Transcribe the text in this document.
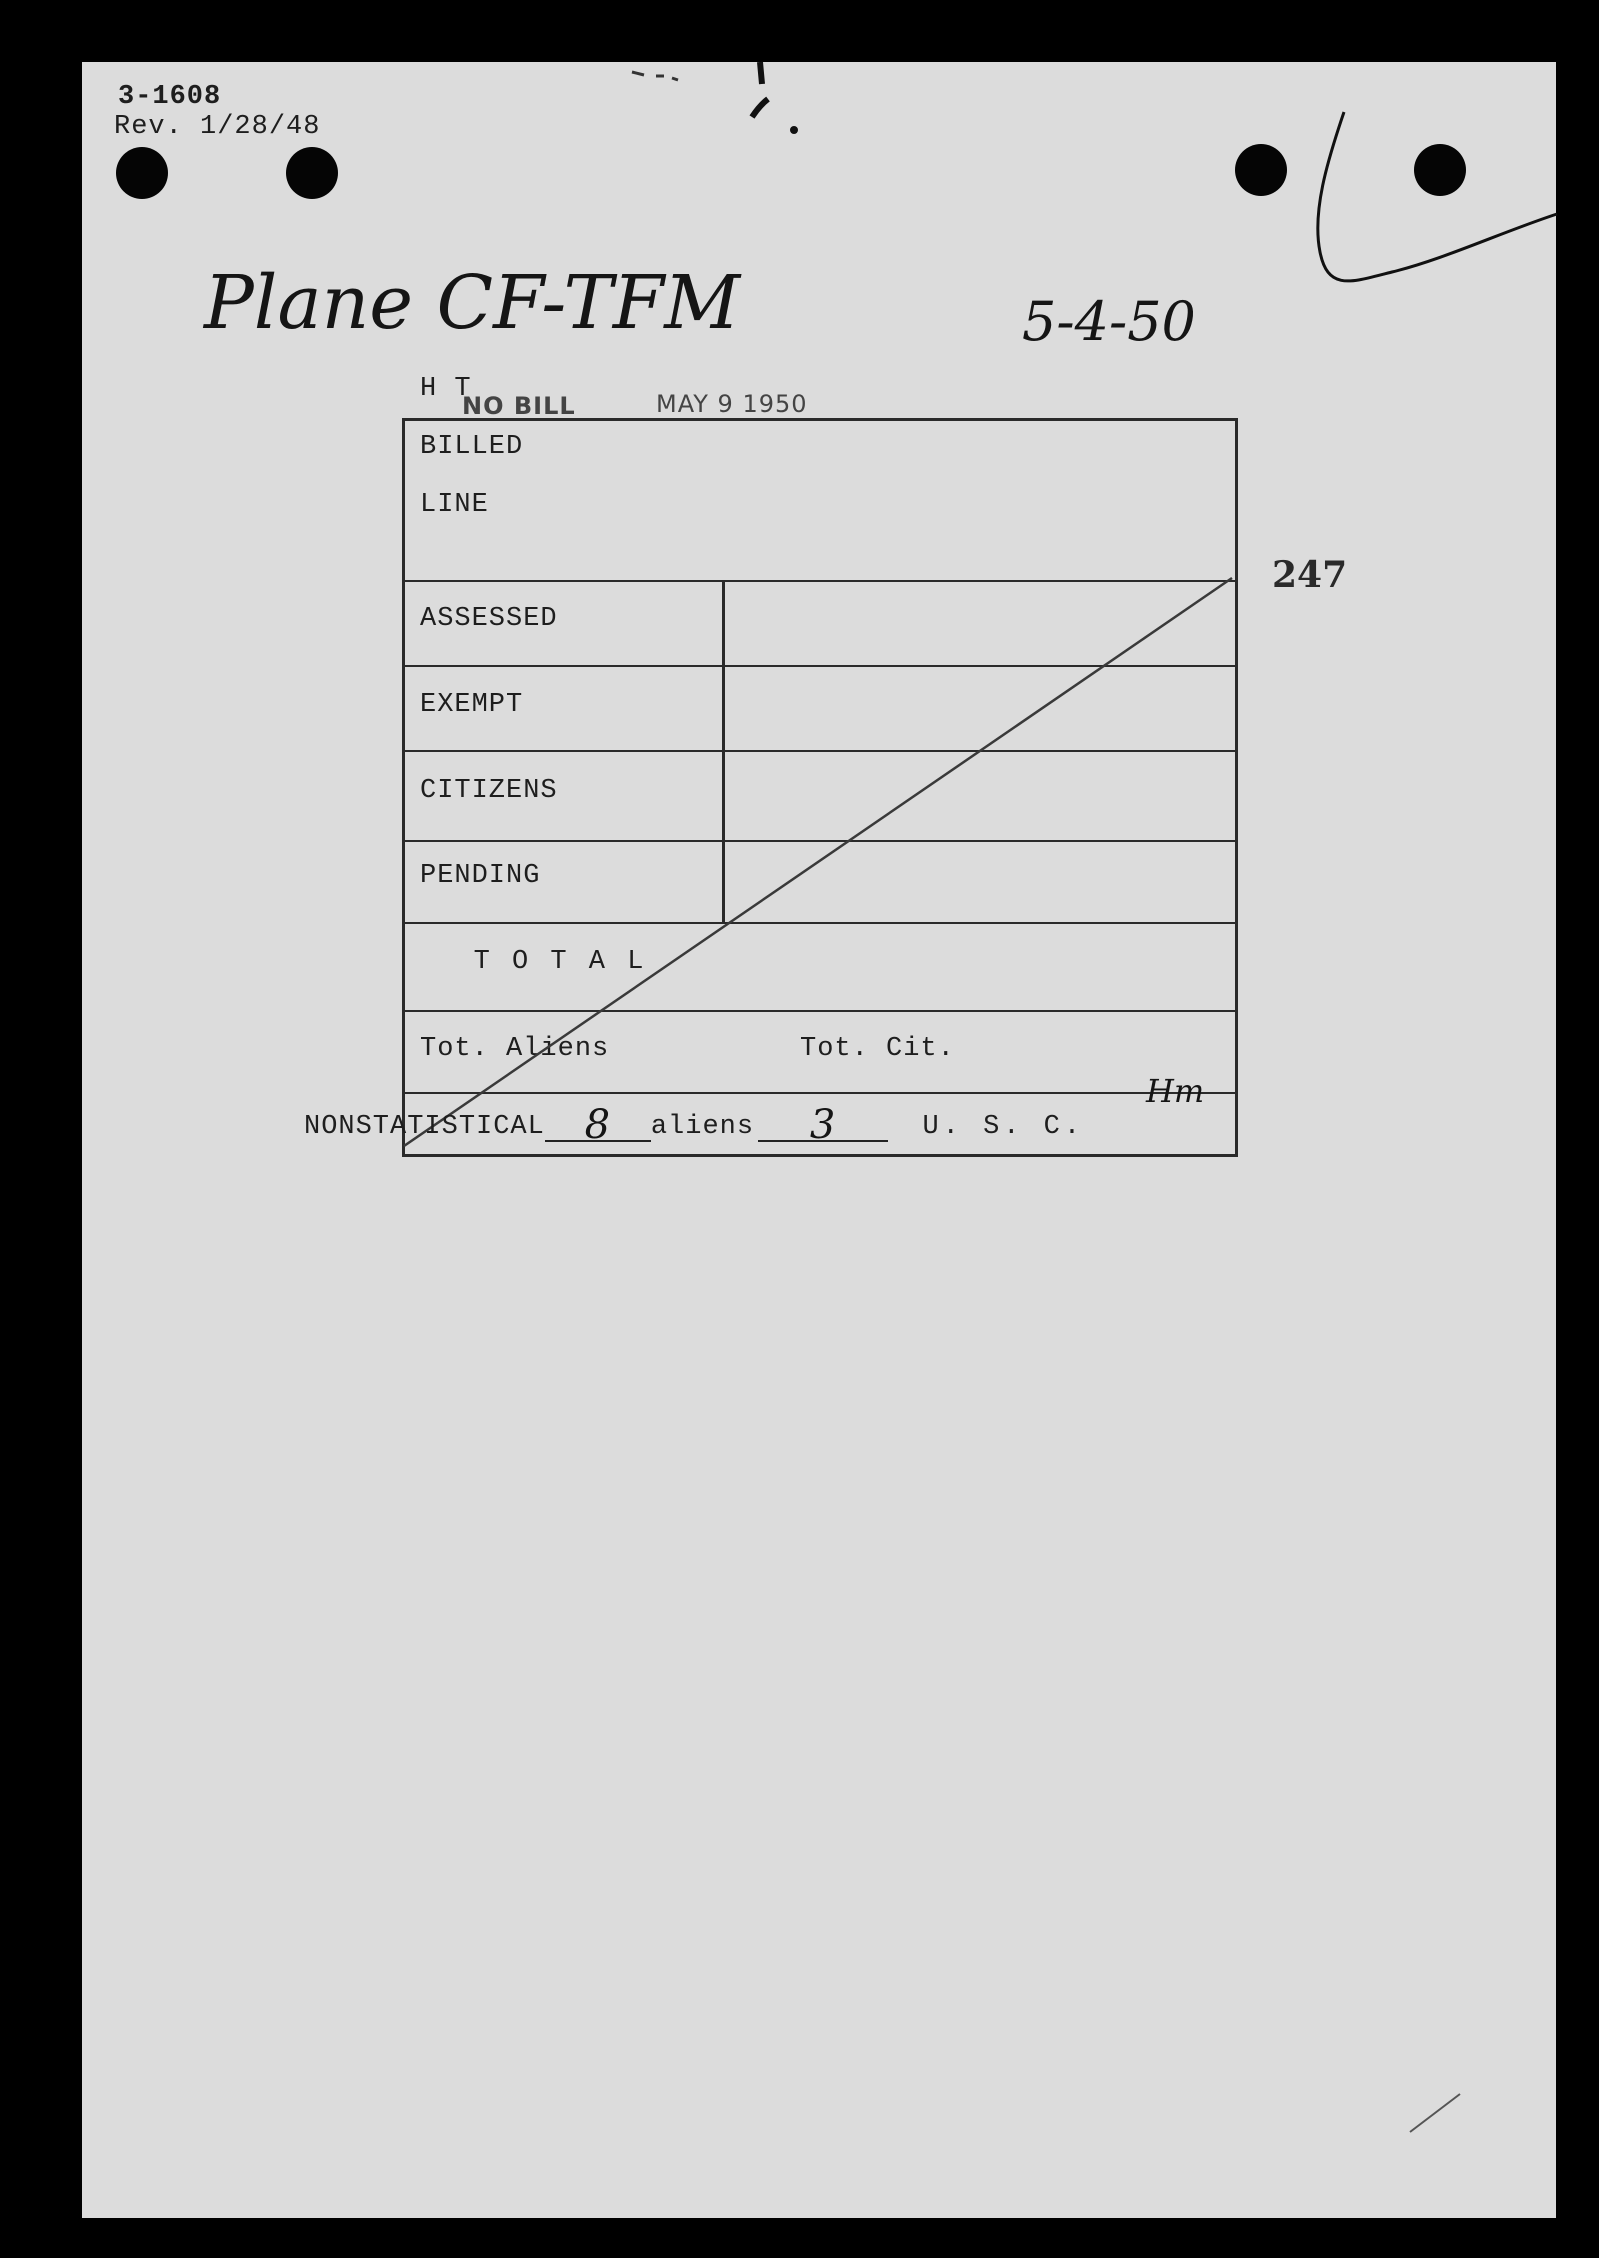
3-1608
Rev. 1/28/48
Plane CF-TFM	5-4-50
247
H T
BILLED
LINE
NO BILL	MAY 9 1950
ASSESSED
EXEMPT
CITIZENS
PENDING
T O T A L
Tot. Aliens	Tot. Cit.
Hm
NONSTATISTICAL 8 aliens 3	U. S. C.
